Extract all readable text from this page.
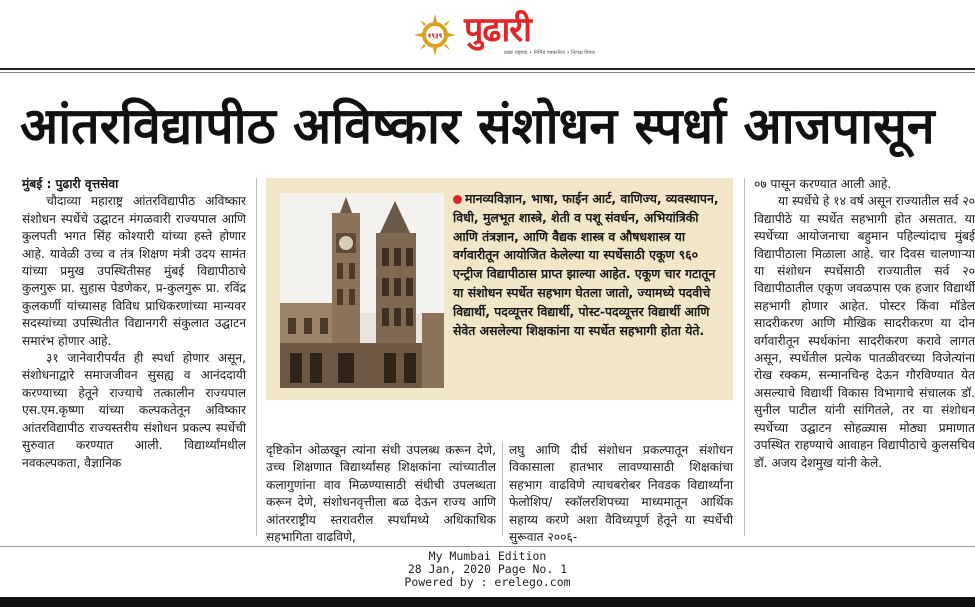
१९३९ पुढारी
प्रखर राष्ट्रवाद • निर्भिड पत्रकारिता • निःपक्ष विचार
आंतरविद्यापीठ अविष्कार संशोधन स्पर्धा आजपासून

मुंबई : पुढारी वृत्तसेवा

चौदाव्या महाराष्ट्र आंतरविद्यापीठ अविष्कार संशोधन स्पर्धेचे उद्घाटन मंगळवारी राज्यपाल आणि कुलपती भगत सिंह कोश्यारी यांच्या हस्ते होणार आहे. यावेळी उच्च व तंत्र शिक्षण मंत्री उदय सामंत यांच्या प्रमुख उपस्थितीसह मुंबई विद्यापीठाचे कुलगुरू प्रा. सुहास पेडणेकर, प्र-कुलगुरू प्रा. रविंद्र कुलकर्णी यांच्यासह विविध प्राधिकरणांच्या मान्यवर सदस्यांच्या उपस्थितीत विद्यानगरी संकुलात उद्घाटन समारंभ होणार आहे.

३१ जानेवारीपर्यंत ही स्पर्धा होणार असून, संशोधनाद्वारे समाजजीवन सुसह्य व आनंददायी करण्याच्या हेतूने राज्याचे तत्कालीन राज्यपाल एस.एम.कृष्णा यांच्या कल्पकतेतून अविष्कार आंतरविद्यापीठ राज्यस्तरीय संशोधन प्रकल्प स्पर्धेची सुरुवात करण्यात आली. विद्यार्थ्यांमधील नवकल्पकता, वैज्ञानिक

मानव्यविज्ञान, भाषा, फाईन आर्ट, वाणिज्य, व्यवस्थापन, विधी, मुलभूत शास्त्रे, शेती व पशू संवर्धन, अभियांत्रिकी आणि तंत्रज्ञान, आणि वैद्यक शास्त्र व औषधशास्त्र या वर्गवारीतून आयोजित केलेल्या या स्पर्धेसाठी एकूण ९६० एन्ट्रीज विद्यापीठास प्राप्त झाल्या आहेत. एकूण चार गटातून या संशोधन स्पर्धेत सहभाग घेतला जातो, ज्यामध्ये पदवीचे विद्यार्थी, पदव्यूत्तर विद्यार्थी, पोस्ट-पदव्यूत्तर विद्यार्थी आणि सेवेत असलेल्या शिक्षकांना या स्पर्धेत सहभागी होता येते.

दृष्टिकोन ओळखून त्यांना संधी उपलब्ध करून देणे, उच्च शिक्षणात विद्यार्थ्यांसह शिक्षकांना त्यांच्यातील कलागुणांना वाव मिळण्यासाठी संधीची उपलब्धता करून देणे, संशोधनवृत्तीला बळ देऊन राज्य आणि आंतरराष्ट्रीय स्तरावरील स्पर्धांमध्ये अधिकाधिक सहभागिता वाढविणे,

लघु आणि दीर्घ संशोधन प्रकल्पातून संशोधन विकासाला हातभार लावण्यासाठी शिक्षकांचा सहभाग वाढविणे त्याचबरोबर निवडक विद्यार्थ्यांना फेलोशिप/ स्कॉलरशिपच्या माध्यमातून आर्थिक सहाय्य करणे अशा वैविध्यपूर्ण हेतूने या स्पर्धेची सुरूवात २००६-

०७ पासून करण्यात आली आहे.

या स्पर्धेचे हे १४ वर्ष असून राज्यातील सर्व २० विद्यापीठे या स्पर्धेत सहभागी होत असतात. या स्पर्धेच्या आयोजनाचा बहुमान पहिल्यांदाच मुंबई विद्यापीठाला मिळाला आहे. चार दिवस चालणाऱ्या या संशोधन स्पर्धेसाठी राज्यातील सर्व २० विद्यापीठातील एकूण जवळपास एक हजार विद्यार्थी सहभागी होणार आहेत. पोस्टर किंवा मॉडेल सादरीकरण आणि मौखिक सादरीकरण या दोन वर्गवारीतून स्पर्धकांना सादरीकरण करावे लागत असून, स्पर्धेतील प्रत्येक पातळीवरच्या विजेत्यांना रोख रक्कम, सन्मानचिन्ह देऊन गौरविण्यात येत असल्याचे विद्यार्थी विकास विभागाचे संचालक डॉ. सुनील पाटील यांनी सांगितले, तर या संशोधन स्पर्धेच्या उद्घाटन सोहळ्यास मोठ्या प्रमाणात उपस्थित राहण्याचे आवाहन विद्यापीठाचे कुलसचिव डॉ. अजय देशमुख यांनी केले.

My Mumbai Edition
28 Jan, 2020 Page No. 1
Powered by : erelego.com
